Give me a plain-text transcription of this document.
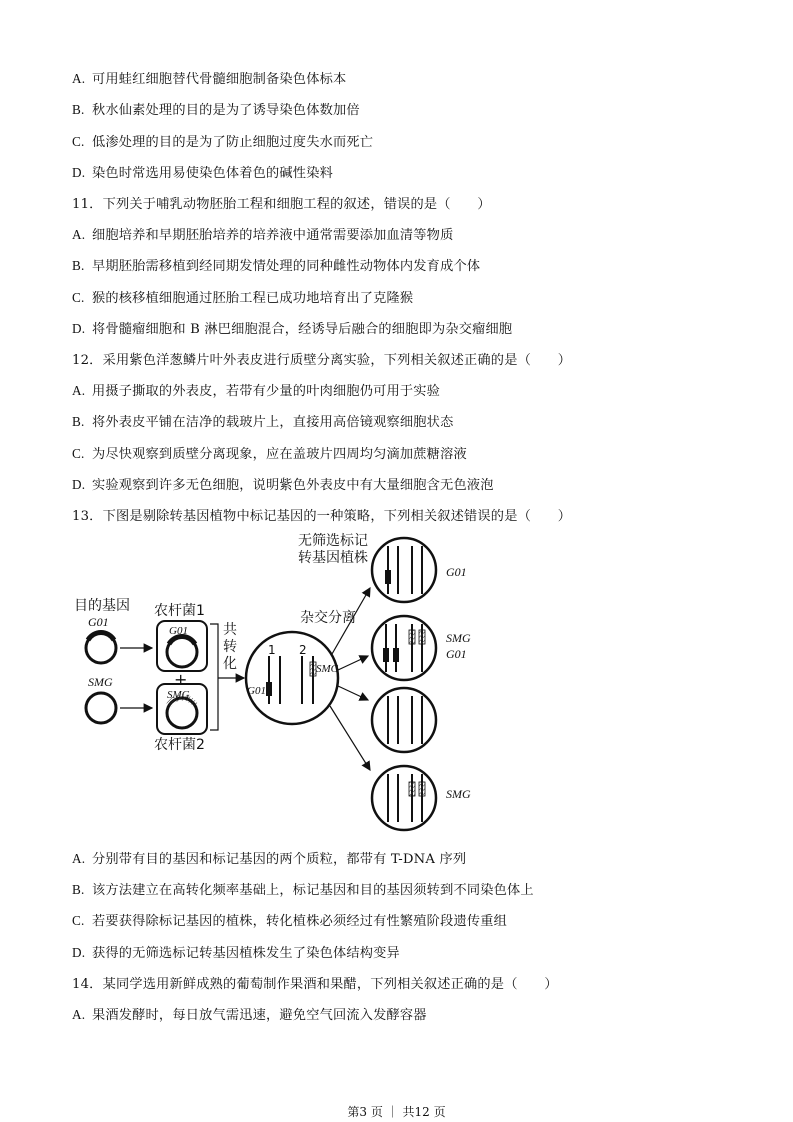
A. 可用蛙红细胞替代骨髓细胞制备染色体标本
B. 秋水仙素处理的目的是为了诱导染色体数加倍
C. 低渗处理的目的是为了防止细胞过度失水而死亡
D. 染色时常选用易使染色体着色的碱性染料
11．下列关于哺乳动物胚胎工程和细胞工程的叙述，错误的是（　　）
A. 细胞培养和早期胚胎培养的培养液中通常需要添加血清等物质
B. 早期胚胎需移植到经同期发情处理的同种雌性动物体内发育成个体
C. 猴的核移植细胞通过胚胎工程已成功地培育出了克隆猴
D. 将骨髓瘤细胞和 B 淋巴细胞混合，经诱导后融合的细胞即为杂交瘤细胞
12．采用紫色洋葱鳞片叶外表皮进行质壁分离实验，下列相关叙述正确的是（　　）
A. 用摄子撕取的外表皮，若带有少量的叶肉细胞仍可用于实验
B. 将外表皮平铺在洁净的载玻片上，直接用高倍镜观察细胞状态
C. 为尽快观察到质壁分离现象，应在盖玻片四周均匀滴加蔗糖溶液
D. 实验观察到许多无色细胞，说明紫色外表皮中有大量细胞含无色液泡
13．下图是剔除转基因植物中标记基因的一种策略，下列相关叙述错误的是（　　）
目的基因
G01
SMG
农杆菌1
G01
+
SMG
农杆菌2
共
转
化
1 2
G01
SMG
杂交分离
无筛选标记
转基因植株
G01
SMG
G01
SMG
A. 分别带有目的基因和标记基因的两个质粒，都带有 T-DNA 序列
B. 该方法建立在高转化频率基础上，标记基因和目的基因须转到不同染色体上
C. 若要获得除标记基因的植株，转化植株必须经过有性繁殖阶段遗传重组
D. 获得的无筛选标记转基因植株发生了染色体结构变异
14．某同学选用新鲜成熟的葡萄制作果酒和果醋，下列相关叙述正确的是（　　）
A. 果酒发酵时，每日放气需迅速，避免空气回流入发酵容器
第3 页 ｜ 共12 页
